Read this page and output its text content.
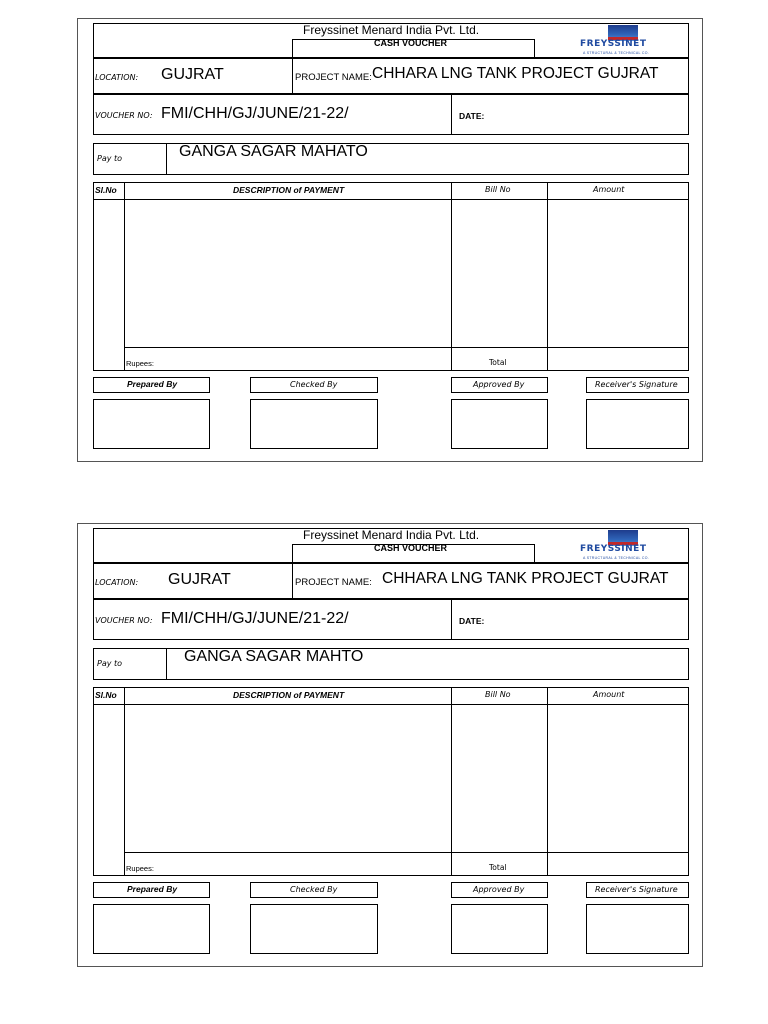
Freyssinet Menard India Pvt. Ltd.
CASH VOUCHER	FREYSSINET
A STRUCTURAL & TECHNICAL CO.
LOCATION: GUJRAT	PROJECT NAME: CHHARA LNG TANK PROJECT GUJRAT
VOUCHER NO: FMI/CHH/GJ/JUNE/21-22/	DATE:
Pay to	GANGA SAGAR MAHATO
Sl.No	DESCRIPTION of PAYMENT	Bill No	Amount
Rupees:	Total
Prepared By	Checked By	Approved By	Receiver's Signature
Freyssinet Menard India Pvt. Ltd.
CASH VOUCHER	FREYSSINET
A STRUCTURAL & TECHNICAL CO.
LOCATION: GUJRAT	PROJECT NAME: CHHARA LNG TANK PROJECT GUJRAT
VOUCHER NO: FMI/CHH/GJ/JUNE/21-22/	DATE:
Pay to	GANGA SAGAR MAHTO
Sl.No	DESCRIPTION of PAYMENT	Bill No	Amount
Rupees:	Total
Prepared By	Checked By	Approved By	Receiver's Signature
